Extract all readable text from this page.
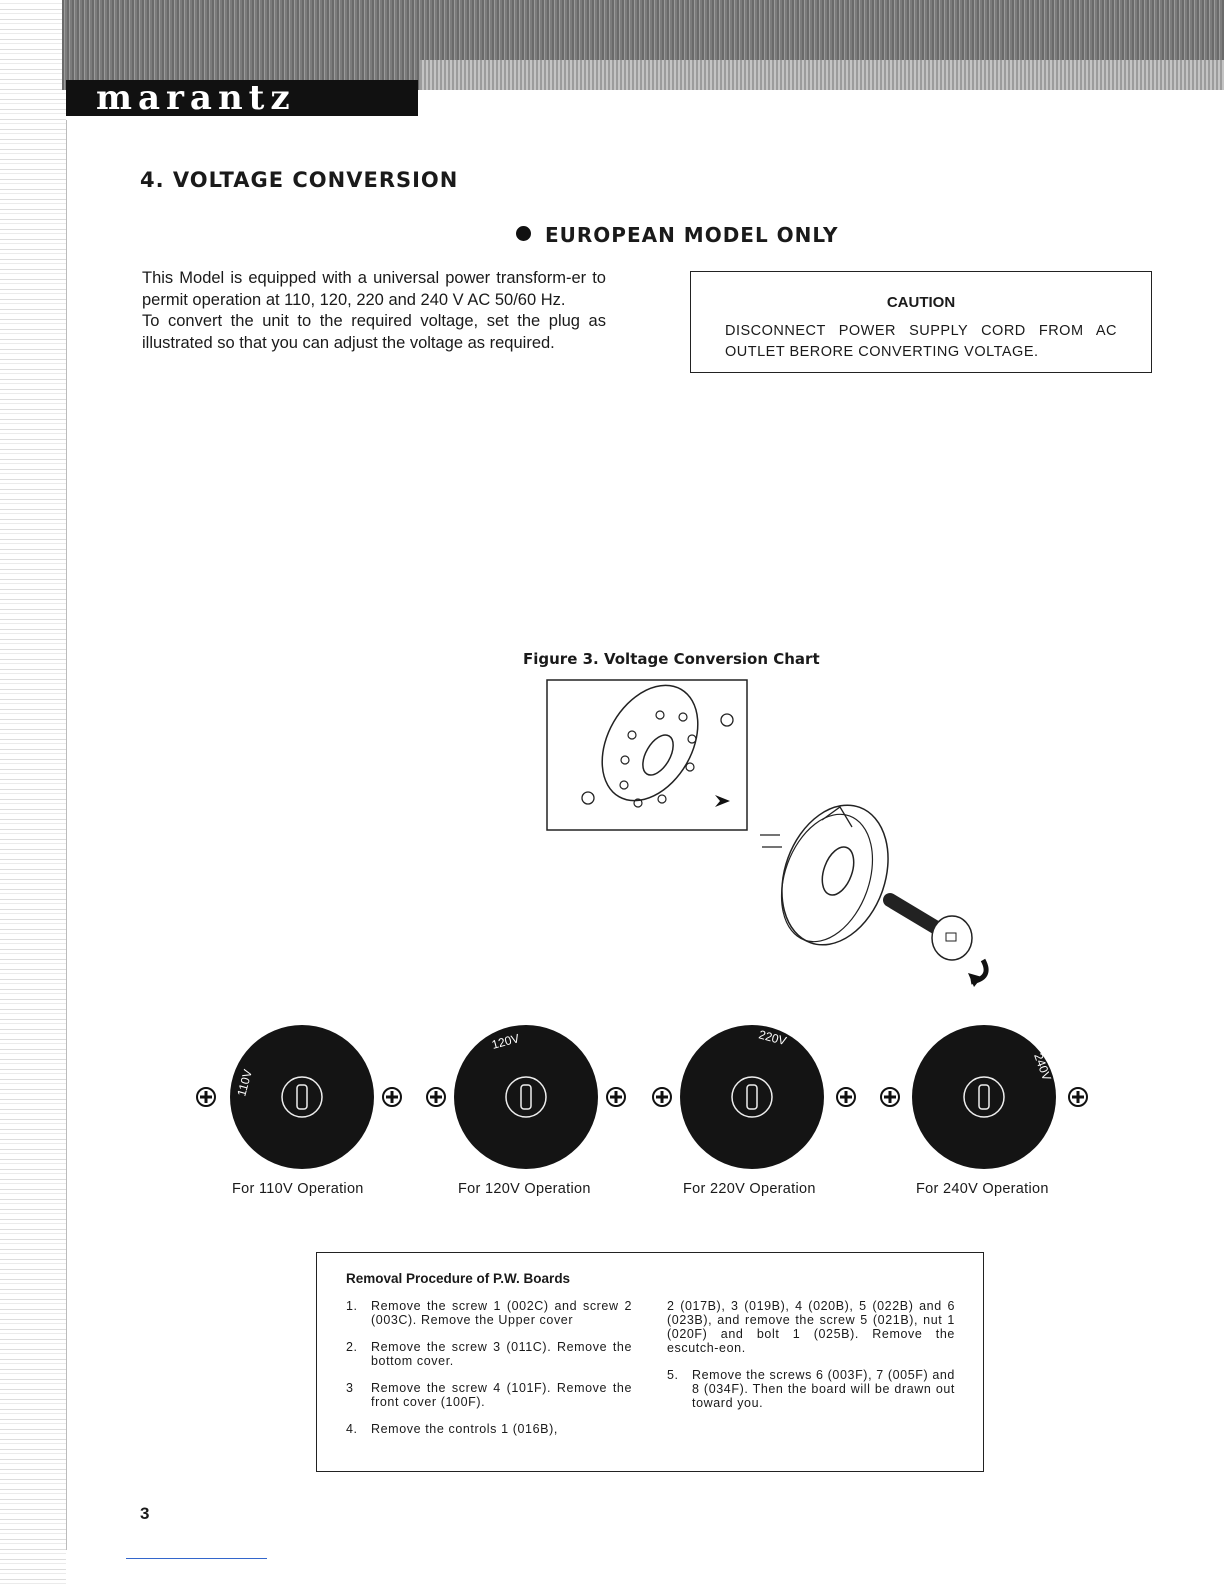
marantz
4. VOLTAGE CONVERSION
EUROPEAN MODEL ONLY

This Model is equipped with a universal power transform-er to permit operation at 110, 120, 220 and 240 V AC 50/60 Hz.

To convert the unit to the required voltage, set the plug as illustrated so that you can adjust the voltage as required.

CAUTION
DISCONNECT POWER SUPPLY CORD FROM AC OUTLET BERORE CONVERTING VOLTAGE.
Figure 3. Voltage Conversion Chart
110V
120V	220V
240V
For 110V Operation	For 120V Operation	For 220V Operation	For 240V Operation
Removal Procedure of P.W. Boards
1. Remove the screw 1 (002C) and screw 2 (003C). Remove the Upper cover
2. Remove the screw 3 (011C). Remove the bottom cover.
3 Remove the screw 4 (101F). Remove the front cover (100F).
4. Remove the controls 1 (016B),
2 (017B), 3 (019B), 4 (020B), 5 (022B) and 6 (023B), and remove the screw 5 (021B), nut 1 (020F) and bolt 1 (025B). Remove the escutch-eon.
5. Remove the screws 6 (003F), 7 (005F) and 8 (034F). Then the board will be drawn out toward you.
3
